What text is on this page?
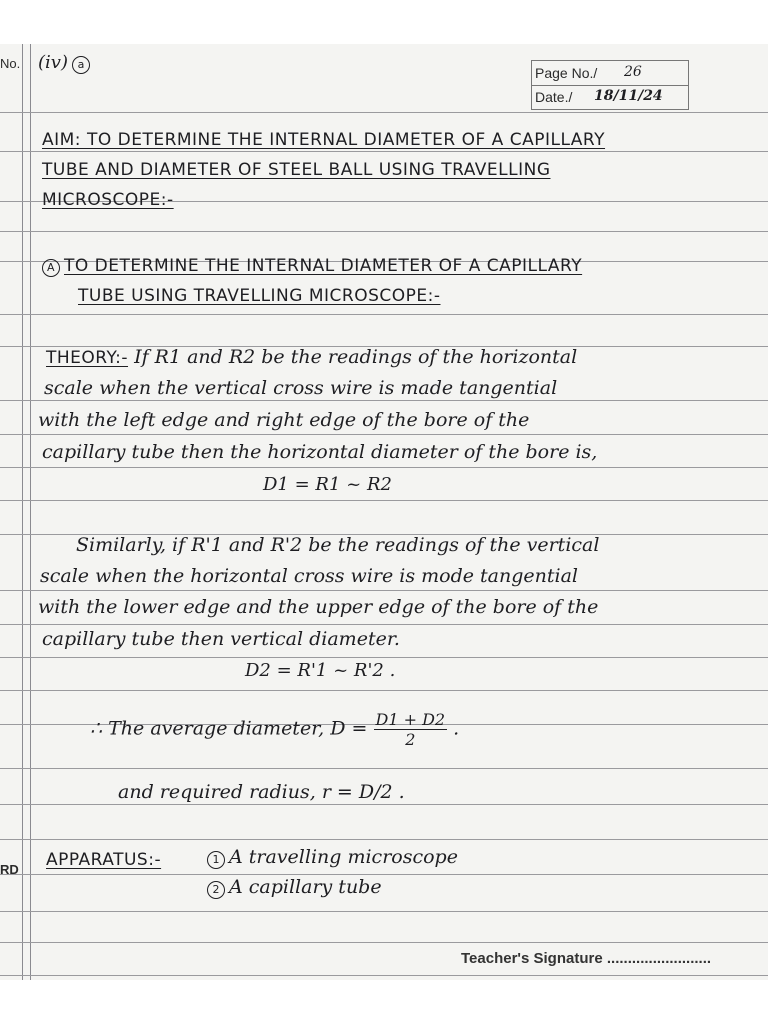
No.
RD
(iv) a
Page No./ 26
Date./ 18/11/24
AIM: TO DETERMINE THE INTERNAL DIAMETER OF A CAPILLARY
TUBE AND DIAMETER OF STEEL BALL USING TRAVELLING
MICROSCOPE:-
A TO DETERMINE THE INTERNAL DIAMETER OF A CAPILLARY
TUBE USING TRAVELLING MICROSCOPE:-
THEORY:- If R1 and R2 be the readings of the horizontal
scale when the vertical cross wire is made tangential
with the left edge and right edge of the bore of the
capillary tube then the horizontal diameter of the bore is,
D1 = R1 ~ R2
Similarly, if R'1 and R'2 be the readings of the vertical
scale when the horizontal cross wire is mode tangential
with the lower edge and the upper edge of the bore of the
capillary tube then vertical diameter.
D2 = R'1 ~ R'2 .
∴ The average diameter, $D = \frac{D1 + D2}{2}$ .
and required radius, r = D/2 .
APPARATUS:-	1 A travelling microscope
2 A capillary tube
Teacher's Signature .........................
